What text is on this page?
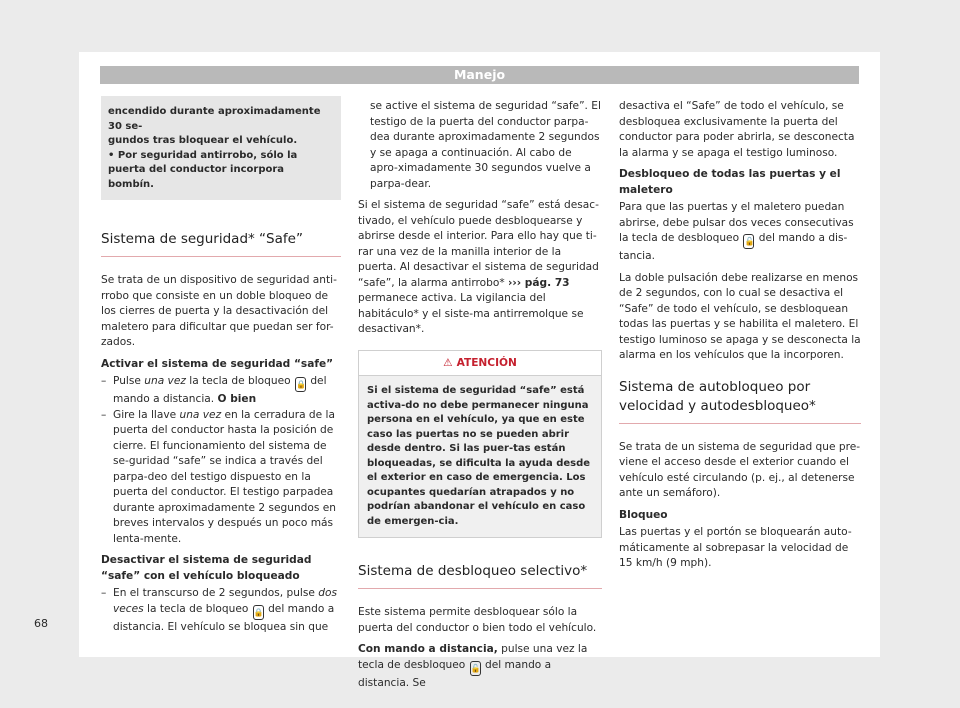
Manejo
encendido durante aproximadamente 30 se-
gundos tras bloquear el vehículo.
• Por seguridad antirrobo, sólo la puerta del conductor incorpora bombín.

Sistema de seguridad* “Safe”

Se trata de un dispositivo de seguridad anti-rrobo que consiste en un doble bloqueo de los cierres de puerta y la desactivación del maletero para dificultar que puedan ser for-zados.

Activar el sistema de seguridad “safe”

– Pulse una vez la tecla de bloqueo 🔒 del mando a distancia. O bien

– Gire la llave una vez en la cerradura de la puerta del conductor hasta la posición de cierre. El funcionamiento del sistema de se-guridad “safe” se indica a través del parpa-deo del testigo dispuesto en la puerta del conductor. El testigo parpadea durante aproximadamente 2 segundos en breves intervalos y después un poco más lenta-mente.

Desactivar el sistema de seguridad “safe” con el vehículo bloqueado

– En el transcurso de 2 segundos, pulse dos veces la tecla de bloqueo 🔒 del mando a distancia. El vehículo se bloquea sin que

se active el sistema de seguridad “safe”. El testigo de la puerta del conductor parpa-dea durante aproximadamente 2 segundos y se apaga a continuación. Al cabo de apro-ximadamente 30 segundos vuelve a parpa-dear.

Si el sistema de seguridad “safe” está desac-tivado, el vehículo puede desbloquearse y abrirse desde el interior. Para ello hay que ti-rar una vez de la manilla interior de la puerta. Al desactivar el sistema de seguridad “safe”, la alarma antirrobo* ››› pág. 73 permanece activa. La vigilancia del habitáculo* y el siste-ma antirremolque se desactivan*.

⚠ ATENCIÓN
Si el sistema de seguridad “safe” está activa-do no debe permanecer ninguna persona en el vehículo, ya que en este caso las puertas no se pueden abrir desde dentro. Si las puer-tas están bloqueadas, se dificulta la ayuda desde el exterior en caso de emergencia. Los ocupantes quedarían atrapados y no podrían abandonar el vehículo en caso de emergen-cia.

Sistema de desbloqueo selectivo*

Este sistema permite desbloquear sólo la puerta del conductor o bien todo el vehículo.

Con mando a distancia, pulse una vez la tecla de desbloqueo 🔓 del mando a distancia. Se

desactiva el “Safe” de todo el vehículo, se desbloquea exclusivamente la puerta del conductor para poder abrirla, se desconecta la alarma y se apaga el testigo luminoso.

Desbloqueo de todas las puertas y el maletero

Para que las puertas y el maletero puedan abrirse, debe pulsar dos veces consecutivas la tecla de desbloqueo 🔓 del mando a dis-tancia.

La doble pulsación debe realizarse en menos de 2 segundos, con lo cual se desactiva el “Safe” de todo el vehículo, se desbloquean todas las puertas y se habilita el maletero. El testigo luminoso se apaga y se desconecta la alarma en los vehículos que la incorporen.

Sistema de autobloqueo por velocidad y autodesbloqueo*

Se trata de un sistema de seguridad que pre-viene el acceso desde el exterior cuando el vehículo esté circulando (p. ej., al detenerse ante un semáforo).

Bloqueo

Las puertas y el portón se bloquearán auto-máticamente al sobrepasar la velocidad de 15 km/h (9 mph).

68
